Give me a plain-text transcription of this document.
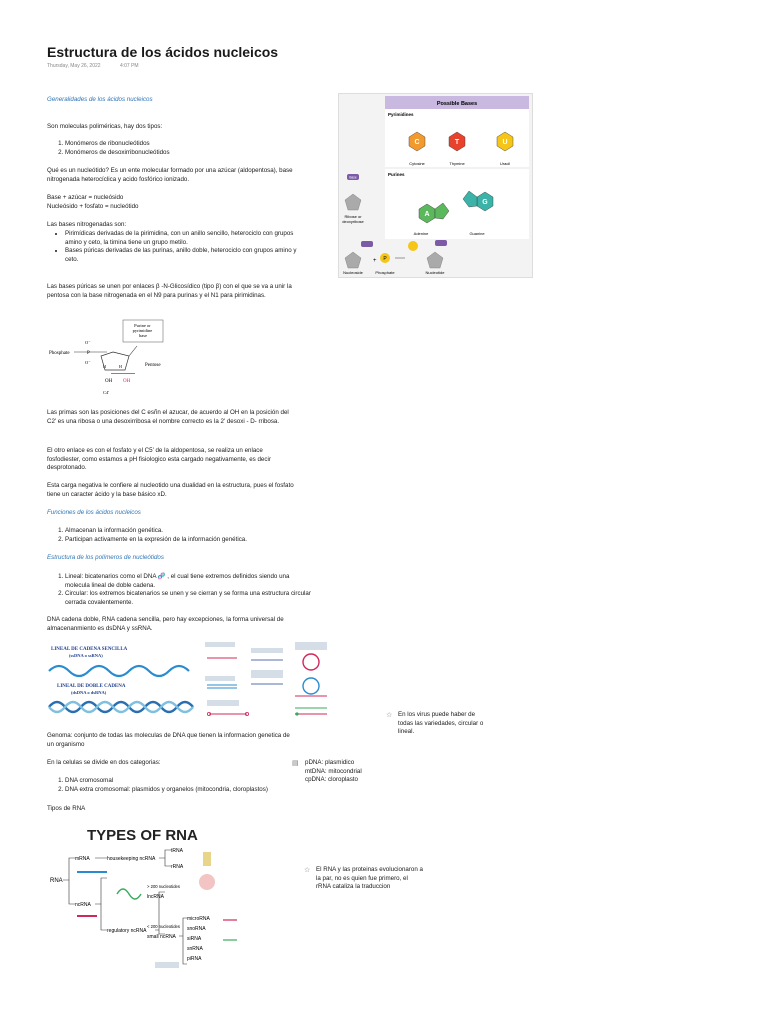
Estructura de los ácidos nucleicos
Thursday, May 26, 2022	4:07 PM
Generalidades de los ácidos nucleicos
Son moleculas poliméricas, hay dos tipos:
1. Monómeros de ribonucleótidos
2. Monómeros de desoxirribonucleótidos
Qué es un nucleótido? Es un ente molecular formado por una azúcar (aldopentosa), base nitrogenada heterocíclica y acido fosfórico ionizado.
Base + azúcar = nucleósido
Nucleósido + fosfato = nucleótido
Las bases nitrogenadas son:
• Pirimídicas derivadas de la pirimidina, con un anillo sencillo, heterociclo con grupos amino y ceto, la timina tiene un grupo metilo.
• Bases púricas derivadas de las purinas, anillo doble, heterociclo con grupos amino y ceto.
Las bases púricas se unen por enlaces β -N-Glicosídico (tipo β) con el que se va a unir la pentosa con la base nitrogenada en el N9 para purinas y el N1 para pirimidinas.
Purine or pyrimidine base
Phosphate
O⁻
O⁻
P
H	H	Pentose
OH OH
C4'
Las primas son las posiciones del C esñn el azucar, de acuerdo al OH en la posición del C2' es una ribosa o una desoxirribosa el nombre correcto es la 2' desoxi - D- rribosa.
El otro enlace es con el fosfato y el C5' de la aldopentosa, se realiza un enlace fosfodiester, como estamos a pH fisiologico esta cargado negativamente, es decir desprotonado.
Esta carga negativa le confiere al nucleotido una dualidad en la estructura, pues el fosfato tiene un caracter ácido y la base básico xD.
Funciones de los ácidos nucleicos
1. Almacenan la información genética.
2. Participan activamente en la expresión de la información genética.
Estructura de los polímeros de nucleótidos
1. Lineal: bicatenarios como el DNA 🧬 , el cual tiene extremos definidos siendo una molecula lineal de doble cadena.
2. Circular: los extremos bicatenarios se unen y se cierran y se forma una estructura circular cerrada covalentemente.
DNA cadena doble, RNA cadena sencilla, pero hay excepciones, la forma universal de almacenanmiento es dsDNA y ssRNA.
LINEAL DE CADENA SENCILLA
(ssDNA o ssRNA)
LINEAL DE DOBLE CADENA
(dsDNA o dsRNA)
Genoma: conjunto de todas las moleculas de DNA que tienen la informacion genetica de un organismo
En la celulas se divide en dos categorias:
1. DNA cromosomal
2. DNA extra cromosomal: plasmidos y organelos (mitocondria, cloroplastos)
Tipos de RNA
TYPES OF RNA
RNA
mRNA
ncRNA
housekeeping ncRNA
regulatory ncRNA
tRNA
rRNA
> 200 nucleotides
lncRNA
< 200 nucleotides
small ncRNA
microRNA
snoRNA
siRNA
snRNA
piRNA
Possible Bases
Pyrimidines
C	T	U
Cytosine	Thymine	Uracil
Purines
A
G
Adenine	Guanine
Base
Ribose or
deoxyribose
Nucleoside
+ P
Phosphate	Nucleotide
☆ En los virus puede haber de todas las variedades, circular o lineal.
▤ pDNA: plasmidico
mtDNA: mitocondrial
cpDNA: cloroplasto
☆ El RNA y las proteinas evolucionaron a la par, no es quien fue primero, el rRNA cataliza la traduccion
